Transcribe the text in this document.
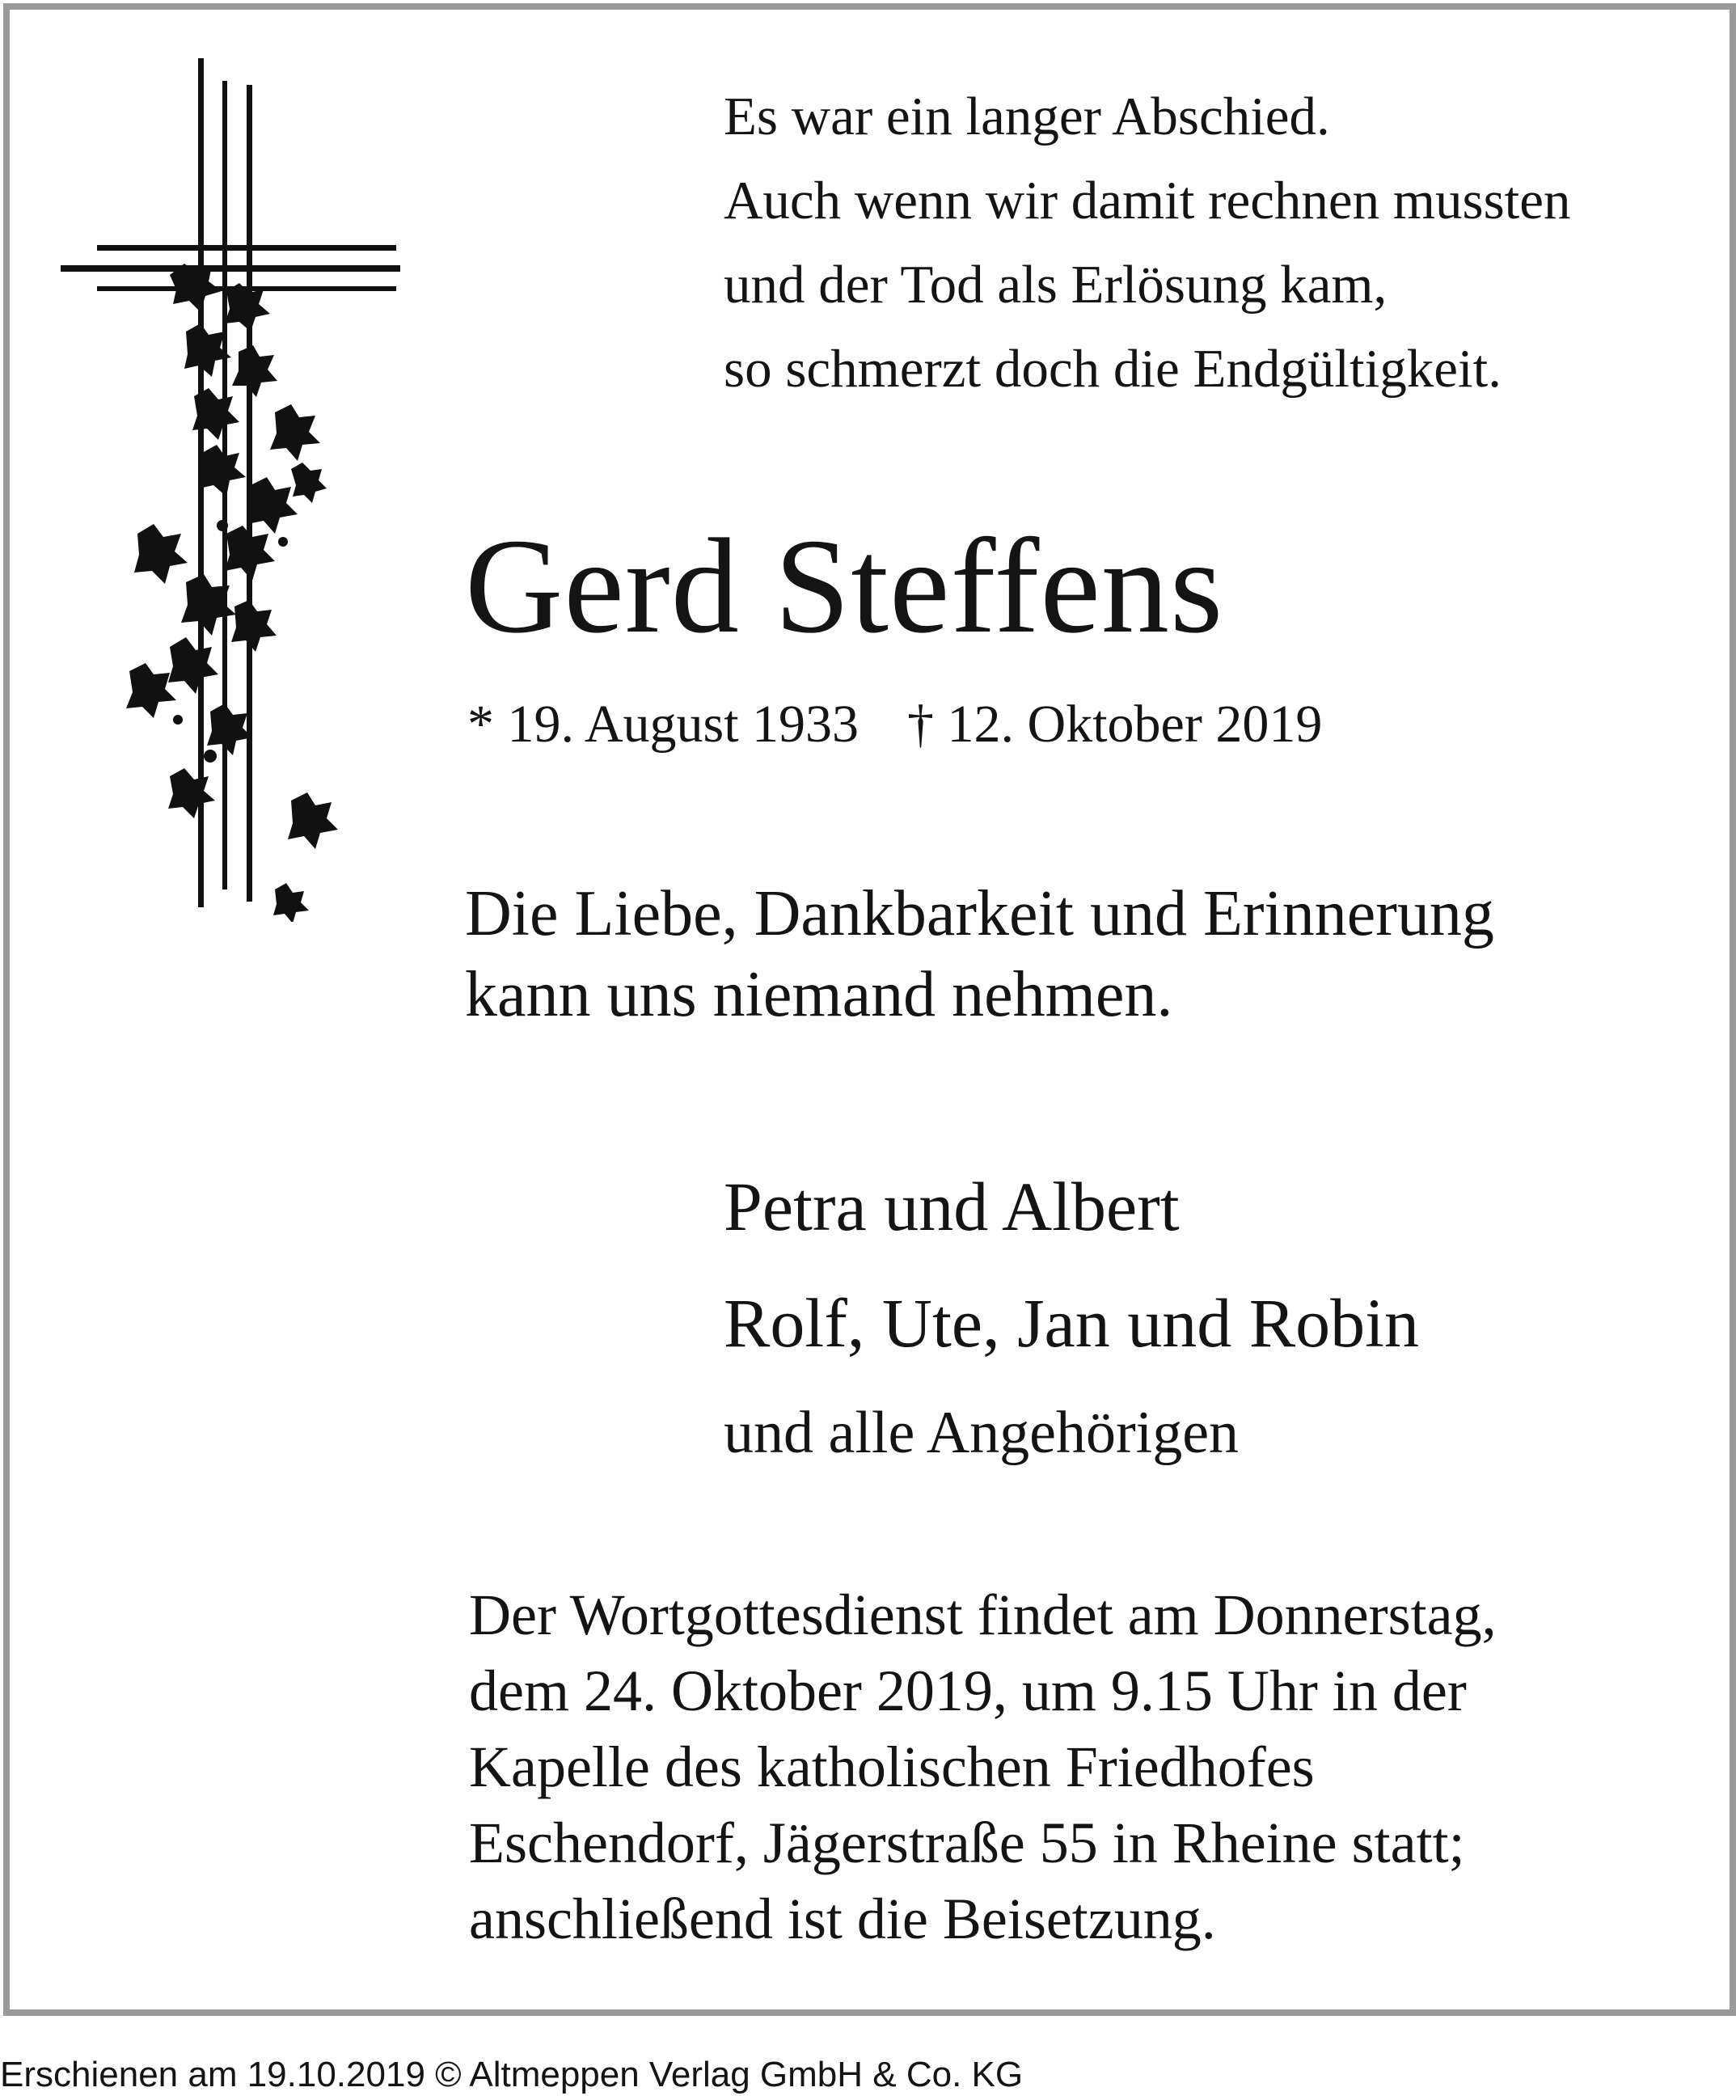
Es war ein langer Abschied.
Auch wenn wir damit rechnen mussten
und der Tod als Erlösung kam,
so schmerzt doch die Endgültigkeit.
Gerd Steffens
* 19. August 1933 † 12. Oktober 2019
Die Liebe, Dankbarkeit und Erinnerung
kann uns niemand nehmen.
Petra und Albert
Rolf, Ute, Jan und Robin
und alle Angehörigen
Der Wortgottesdienst findet am Donnerstag,
dem 24. Oktober 2019, um 9.15 Uhr in der
Kapelle des katholischen Friedhofes
Eschendorf, Jägerstraße 55 in Rheine statt;
anschließend ist die Beisetzung.
Erschienen am 19.10.2019 © Altmeppen Verlag GmbH & Co. KG
